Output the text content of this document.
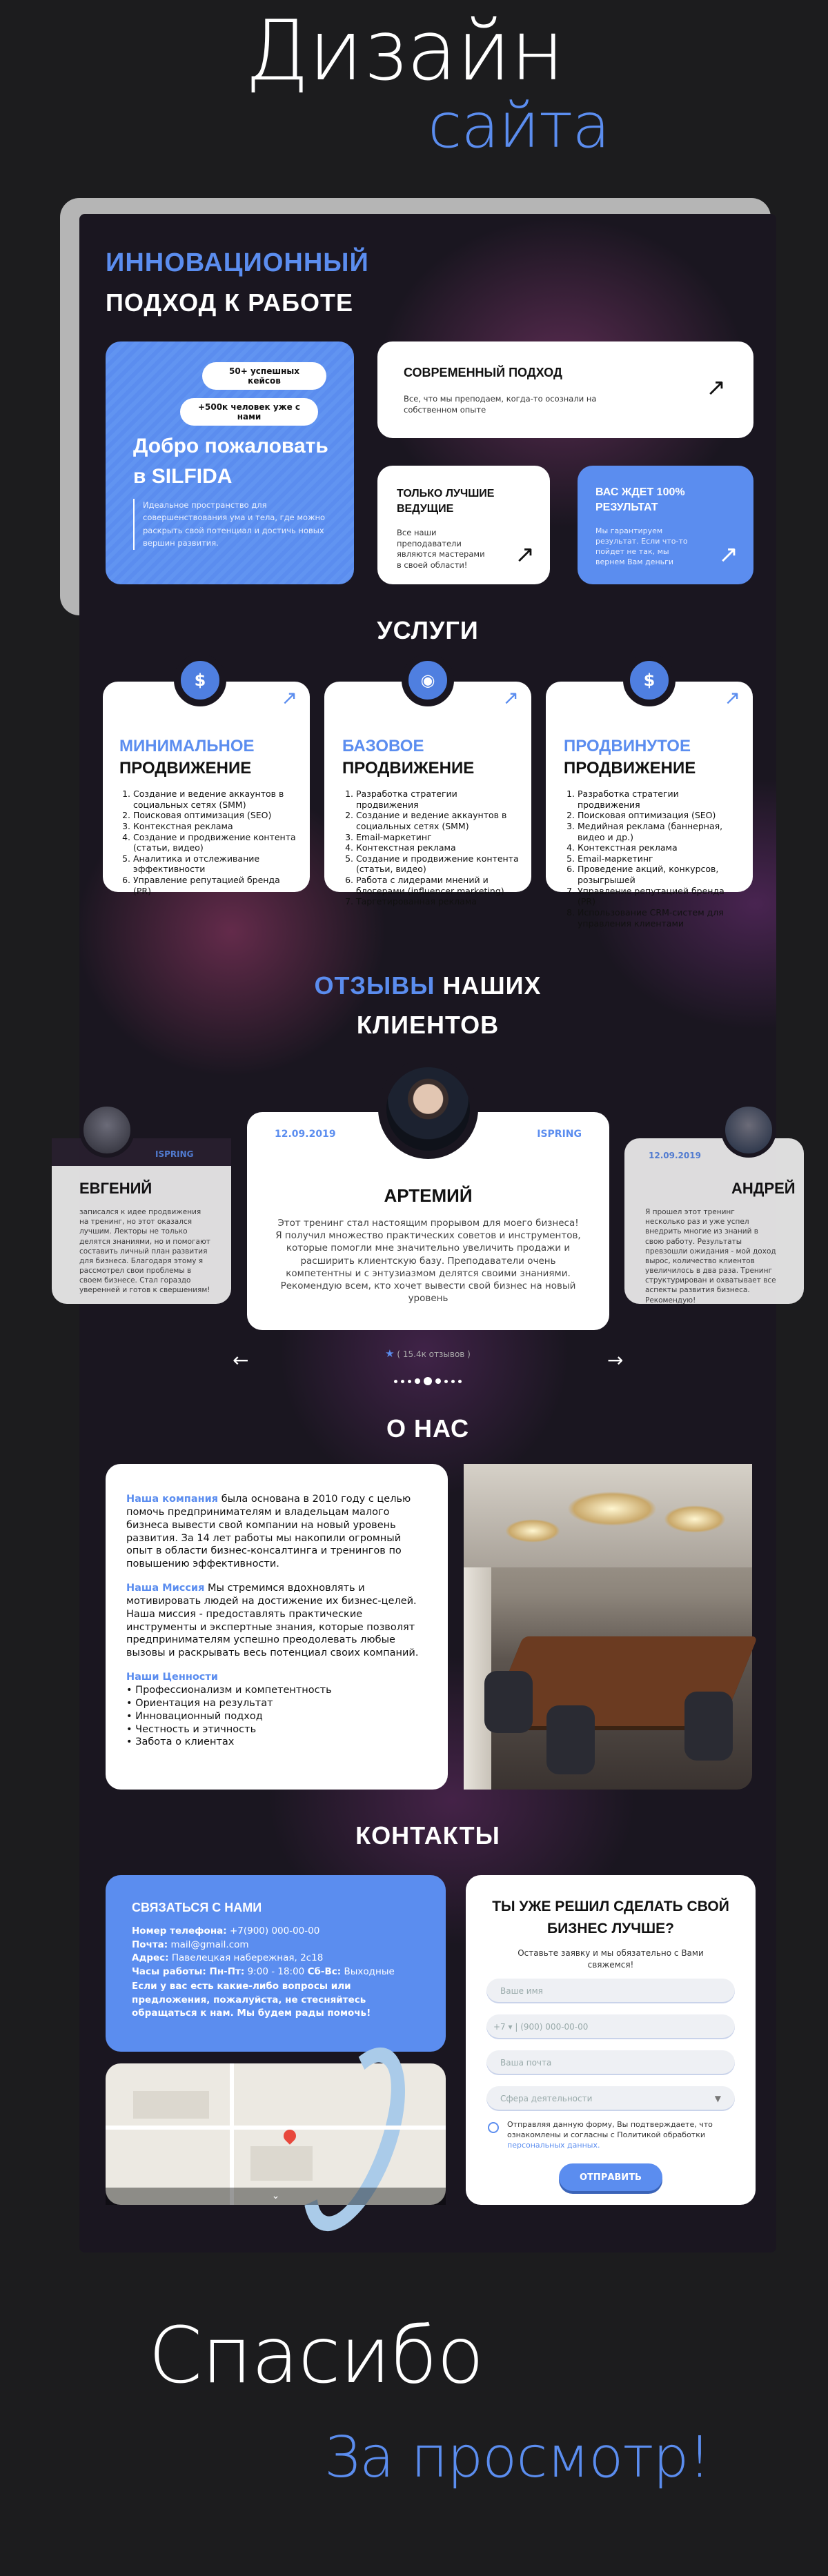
Дизайн
сайта
ИННОВАЦИОННЫЙ
ПОДХОД К РАБОТЕ
50+ успешных кейсов
+500к человек уже с нами
Добро пожаловать в SILFIDA
Идеальное пространство для совершенствования ума и тела, где можно раскрыть свой потенциал и достичь новых вершин развития.
СОВРЕМЕННЫЙ ПОДХОД
Все, что мы преподаем, когда-то осознали на собственном опыте
↗
ТОЛЬКО ЛУЧШИЕ ВЕДУЩИЕ
Все наши преподаватели являются мастерами в своей области!	↗
ВАС ЖДЕТ 100% РЕЗУЛЬТАТ
Мы гарантируем результат. Если что-то пойдет не так, мы вернем Вам деньги	↗
УСЛУГИ
$
↗
МИНИМАЛЬНОЕ
ПРОДВИЖЕНИЕ
1. Создание и ведение аккаунтов в социальных сетях (SMM)
2. Поисковая оптимизация (SEO)
3. Контекстная реклама
4. Создание и продвижение контента (статьи, видео)
5. Аналитика и отслеживание эффективности
6. Управление репутацией бренда (PR)
◉
↗
БАЗОВОЕ
ПРОДВИЖЕНИЕ
1. Разработка стратегии продвижения
2. Создание и ведение аккаунтов в социальных сетях (SMM)
3. Email-маркетинг
4. Контекстная реклама
5. Создание и продвижение контента (статьи, видео)
6. Работа с лидерами мнений и блогерами (influencer marketing)
7. Таргетированная реклама
$
↗
ПРОДВИНУТОЕ
ПРОДВИЖЕНИЕ
1. Разработка стратегии продвижения
2. Поисковая оптимизация (SEO)
3. Медийная реклама (баннерная, видео и др.)
4. Контекстная реклама
5. Email-маркетинг
6. Проведение акций, конкурсов, розыгрышей
7. Управление репутацией бренда (PR)
8. Использование CRM-систем для управления клиентами
ОТЗЫВЫ НАШИХ
КЛИЕНТОВ
ISPRING
ЕВГЕНИЙ
записался к идее продвижения на тренинг, но этот оказался лучшим. Лекторы не только делятся знаниями, но и помогают составить личный план развития для бизнеса. Благодаря этому я рассмотрел свои проблемы в своем бизнесе. Стал гораздо уверенней и готов к свершениям!
12.09.2019	ISPRING
АРТЕМИЙ
Этот тренинг стал настоящим прорывом для моего бизнеса! Я получил множество практических советов и инструментов, которые помогли мне значительно увеличить продажи и расширить клиентскую базу. Преподаватели очень компетентны и с энтузиазмом делятся своими знаниями. Рекомендую всем, кто хочет вывести свой бизнес на новый уровень
12.09.2019
АНДРЕЙ
Я прошел этот тренинг несколько раз и уже успел внедрить многие из знаний в свою работу. Результаты превзошли ожидания - мой доход вырос, количество клиентов увеличилось в два раза. Тренинг структурирован и охватывает все аспекты развития бизнеса. Рекомендую!
★ ( 15.4к отзывов )
←	→
О НАС

Наша компания была основана в 2010 году с целью помочь предпринимателям и владельцам малого бизнеса вывести свой компании на новый уровень развития. За 14 лет работы мы накопили огромный опыт в области бизнес-консалтинга и тренингов по повышению эффективности.

Наша Миссия Мы стремимся вдохновлять и мотивировать людей на достижение их бизнес-целей. Наша миссия - предоставлять практические инструменты и экспертные знания, которые позволят предпринимателям успешно преодолевать любые вызовы и раскрывать весь потенциал своих компаний.

Наши Ценности

• Профессионализм и компетентность

• Ориентация на результат

• Инновационный подход

• Честность и этичность

• Забота о клиентах

КОНТАКТЫ
СВЯЗАТЬСЯ С НАМИ
Номер телефона: +7(900) 000-00-00
Почта: mail@gmail.com
Адрес: Павелецкая набережная, 2с18
Часы работы: Пн-Пт: 9:00 - 18:00 Сб-Вс: Выходные
Если у вас есть какие-либо вопросы или предложения, пожалуйста, не стесняйтесь обращаться к нам. Мы будем рады помочь!
⌄
ТЫ УЖЕ РЕШИЛ СДЕЛАТЬ СВОЙ БИЗНЕС ЛУЧШЕ?
Оставьте заявку и мы обязательно с Вами свяжемся!
Ваше имя
+7 ▾ | (900) 000-00-00
Ваша почта
Сфера деятельности	▼
Отправляя данную форму, Вы подтверждаете, что ознакомлены и согласны с Политикой обработки персональных данных.
ОТПРАВИТЬ
Спасибо
За просмотр!
